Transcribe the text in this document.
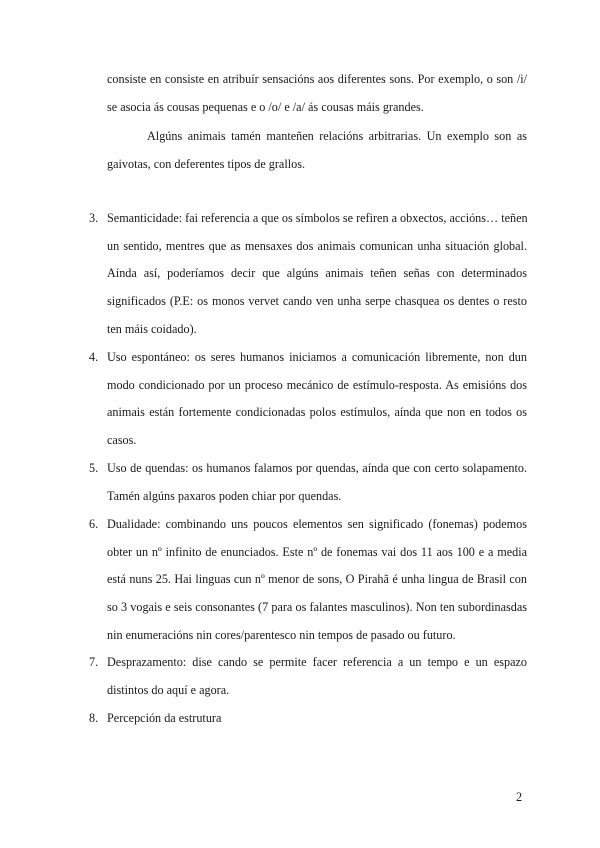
consiste en consiste en atribuír sensacións aos diferentes sons. Por exemplo, o son /i/
se asocia ás cousas pequenas e o /o/ e /a/ ás cousas máis grandes.
Algúns animais tamén manteñen relacións arbitrarias. Un exemplo son as
gaivotas, con deferentes tipos de grallos.
3. Semanticidade: fai referencia a que os símbolos se refiren a obxectos, accións… teñen
un sentido, mentres que as mensaxes dos animais comunican unha situación global.
Aínda así, poderíamos decir que algúns animais teñen señas con determinados
significados (P.E: os monos vervet cando ven unha serpe chasquea os dentes o resto
ten máis coidado).
4. Uso espontáneo: os seres humanos iniciamos a comunicación libremente, non dun
modo condicionado por un proceso mecánico de estímulo-resposta. As emisións dos
animais están fortemente condicionadas polos estímulos, aínda que non en todos os
casos.
5. Uso de quendas: os humanos falamos por quendas, aínda que con certo solapamento.
Tamén algúns paxaros poden chiar por quendas.
6. Dualidade: combinando uns poucos elementos sen significado (fonemas) podemos
obter un nº infinito de enunciados. Este nº de fonemas vai dos 11 aos 100 e a media
está nuns 25. Hai linguas cun nº menor de sons, O Pirahã é unha lingua de Brasil con
so 3 vogais e seis consonantes (7 para os falantes masculinos). Non ten subordinasdas
nin enumeracións nin cores/parentesco nin tempos de pasado ou futuro.
7. Desprazamento: dise cando se permite facer referencia a un tempo e un espazo
distintos do aquí e agora.
8. Percepción da estrutura
2
